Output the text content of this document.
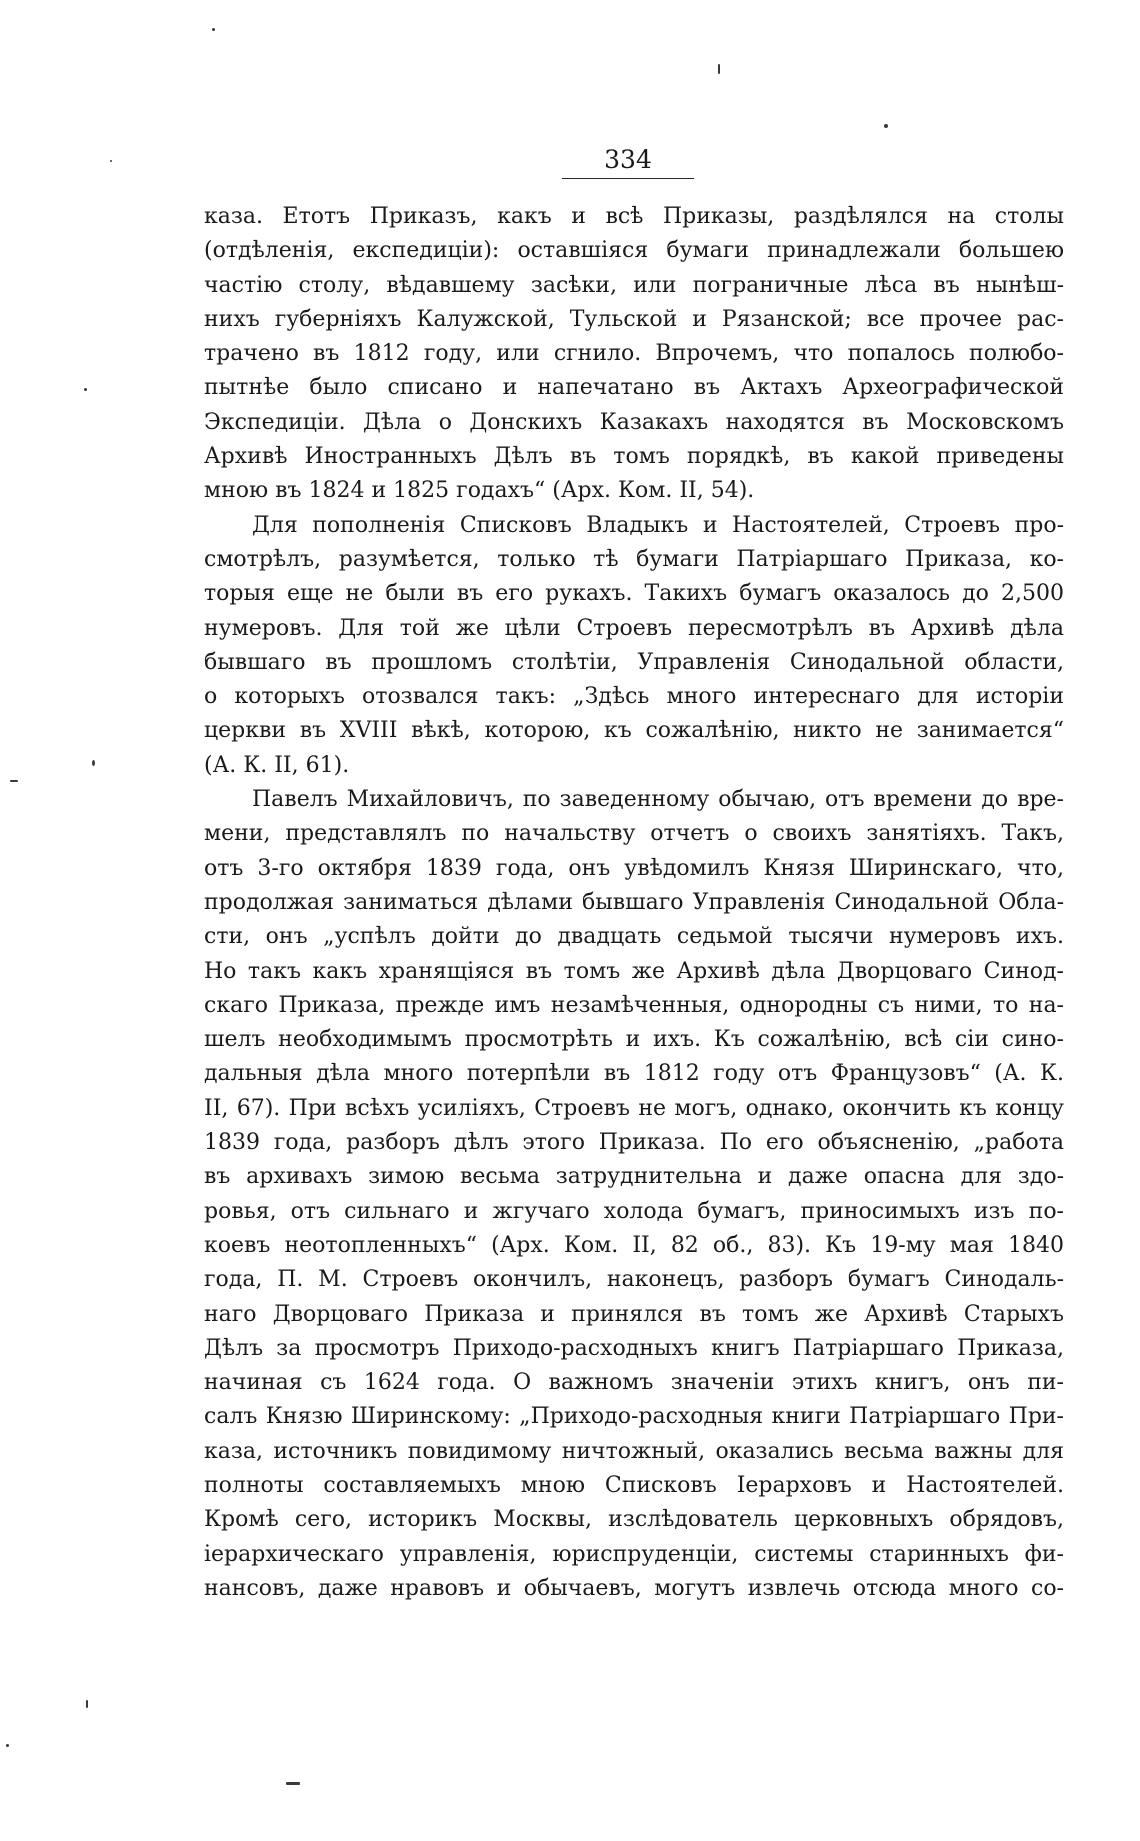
334
каза. Етотъ Приказъ, какъ и всѣ Приказы, раздѣлялся на столы
(отдѣленія, експедиціи): оставшіяся бумаги принадлежали большею
частію столу, вѣдавшему засѣки, или пограничные лѣса въ нынѣш-
нихъ губерніяхъ Калужской, Тульской и Рязанской; все прочее рас-
трачено въ 1812 году, или сгнило. Впрочемъ, что попалось полюбо-
пытнѣе было списано и напечатано въ Актахъ Археографической
Экспедиціи. Дѣла о Донскихъ Казакахъ находятся въ Московскомъ
Архивѣ Иностранныхъ Дѣлъ въ томъ порядкѣ, въ какой приведены
мною въ 1824 и 1825 годахъ“ (Арх. Ком. II, 54).
Для пополненія Списковъ Владыкъ и Настоятелей, Строевъ про-
смотрѣлъ, разумѣется, только тѣ бумаги Патріаршаго Приказа, ко-
торыя еще не были въ его рукахъ. Такихъ бумагъ оказалось до 2,500
нумеровъ. Для той же цѣли Строевъ пересмотрѣлъ въ Архивѣ дѣла
бывшаго въ прошломъ столѣтіи, Управленія Синодальной области,
о которыхъ отозвался такъ: „Здѣсь много интереснаго для исторіи
церкви въ XVIII вѣкѣ, которою, къ сожалѣнію, никто не занимается“
(А. К. II, 61).
Павелъ Михайловичъ, по заведенному обычаю, отъ времени до вре-
мени, представлялъ по начальству отчетъ о своихъ занятіяхъ. Такъ,
отъ 3-го октября 1839 года, онъ увѣдомилъ Князя Ширинскаго, что,
продолжая заниматься дѣлами бывшаго Управленія Синодальной Обла-
сти, онъ „успѣлъ дойти до двадцать седьмой тысячи нумеровъ ихъ.
Но такъ какъ хранящіяся въ томъ же Архивѣ дѣла Дворцоваго Синод-
скаго Приказа, прежде имъ незамѣченныя, однородны съ ними, то на-
шелъ необходимымъ просмотрѣть и ихъ. Къ сожалѣнію, всѣ сіи сино-
дальныя дѣла много потерпѣли въ 1812 году отъ Французовъ“ (А. К.
II, 67). При всѣхъ усиліяхъ, Строевъ не могъ, однако, окончить къ концу
1839 года, разборъ дѣлъ этого Приказа. По его объясненію, „работа
въ архивахъ зимою весьма затруднительна и даже опасна для здо-
ровья, отъ сильнаго и жгучаго холода бумагъ, приносимыхъ изъ по-
коевъ неотопленныхъ“ (Арх. Ком. II, 82 об., 83). Къ 19-му мая 1840
года, П. М. Строевъ окончилъ, наконецъ, разборъ бумагъ Синодаль-
наго Дворцоваго Приказа и принялся въ томъ же Архивѣ Старыхъ
Дѣлъ за просмотръ Приходо-расходныхъ книгъ Патріаршаго Приказа,
начиная съ 1624 года. О важномъ значеніи этихъ книгъ, онъ пи-
салъ Князю Ширинскому: „Приходо-расходныя книги Патріаршаго При-
каза, источникъ повидимому ничтожный, оказались весьма важны для
полноты составляемыхъ мною Списковъ Іерарховъ и Настоятелей.
Кромѣ сего, историкъ Москвы, изслѣдователь церковныхъ обрядовъ,
іерархическаго управленія, юриспруденціи, системы старинныхъ фи-
нансовъ, даже нравовъ и обычаевъ, могутъ извлечь отсюда много со-
